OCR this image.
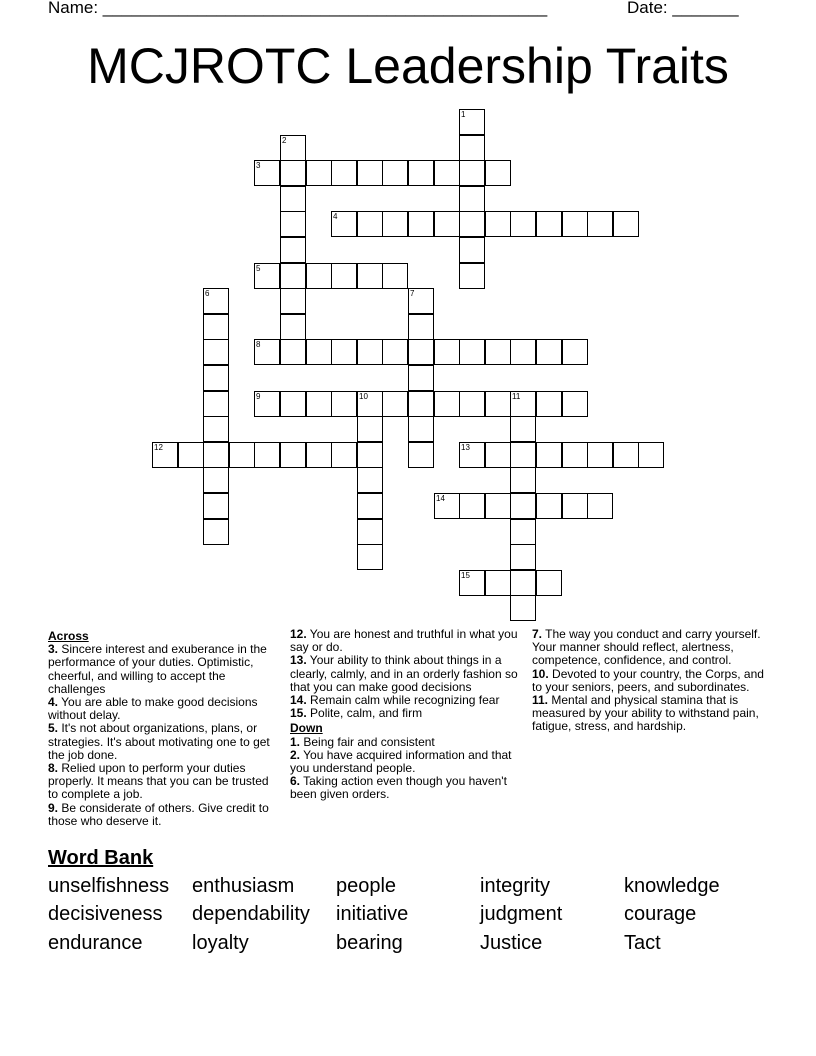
Name: _______________________________________________	Date: _______
MCJROTC Leadership Traits
1
2
3
4
5
6	7
8
9	10	11
12	13
14
15
Across
3. Sincere interest and exuberance in the performance of your duties. Optimistic, cheerful, and willing to accept the challenges
4. You are able to make good decisions without delay.
5. It's not about organizations, plans, or strategies. It's about motivating one to get the job done.
8. Relied upon to perform your duties properly. It means that you can be trusted to complete a job.
9. Be considerate of others. Give credit to those who deserve it.
12. You are honest and truthful in what you say or do.
13. Your ability to think about things in a clearly, calmly, and in an orderly fashion so that you can make good decisions
14. Remain calm while recognizing fear
15. Polite, calm, and firm
Down
1. Being fair and consistent
2. You have acquired information and that you understand people.
6. Taking action even though you haven't been given orders.
7. The way you conduct and carry yourself. Your manner should reflect, alertness, competence, confidence, and control.
10. Devoted to your country, the Corps, and to your seniors, peers, and subordinates.
11. Mental and physical stamina that is measured by your ability to withstand pain, fatigue, stress, and hardship.
Word Bank
unselfishness enthusiasm people	integrity	knowledge
decisiveness dependability initiative	judgment	courage
endurance loyalty	bearing	Justice	Tact
